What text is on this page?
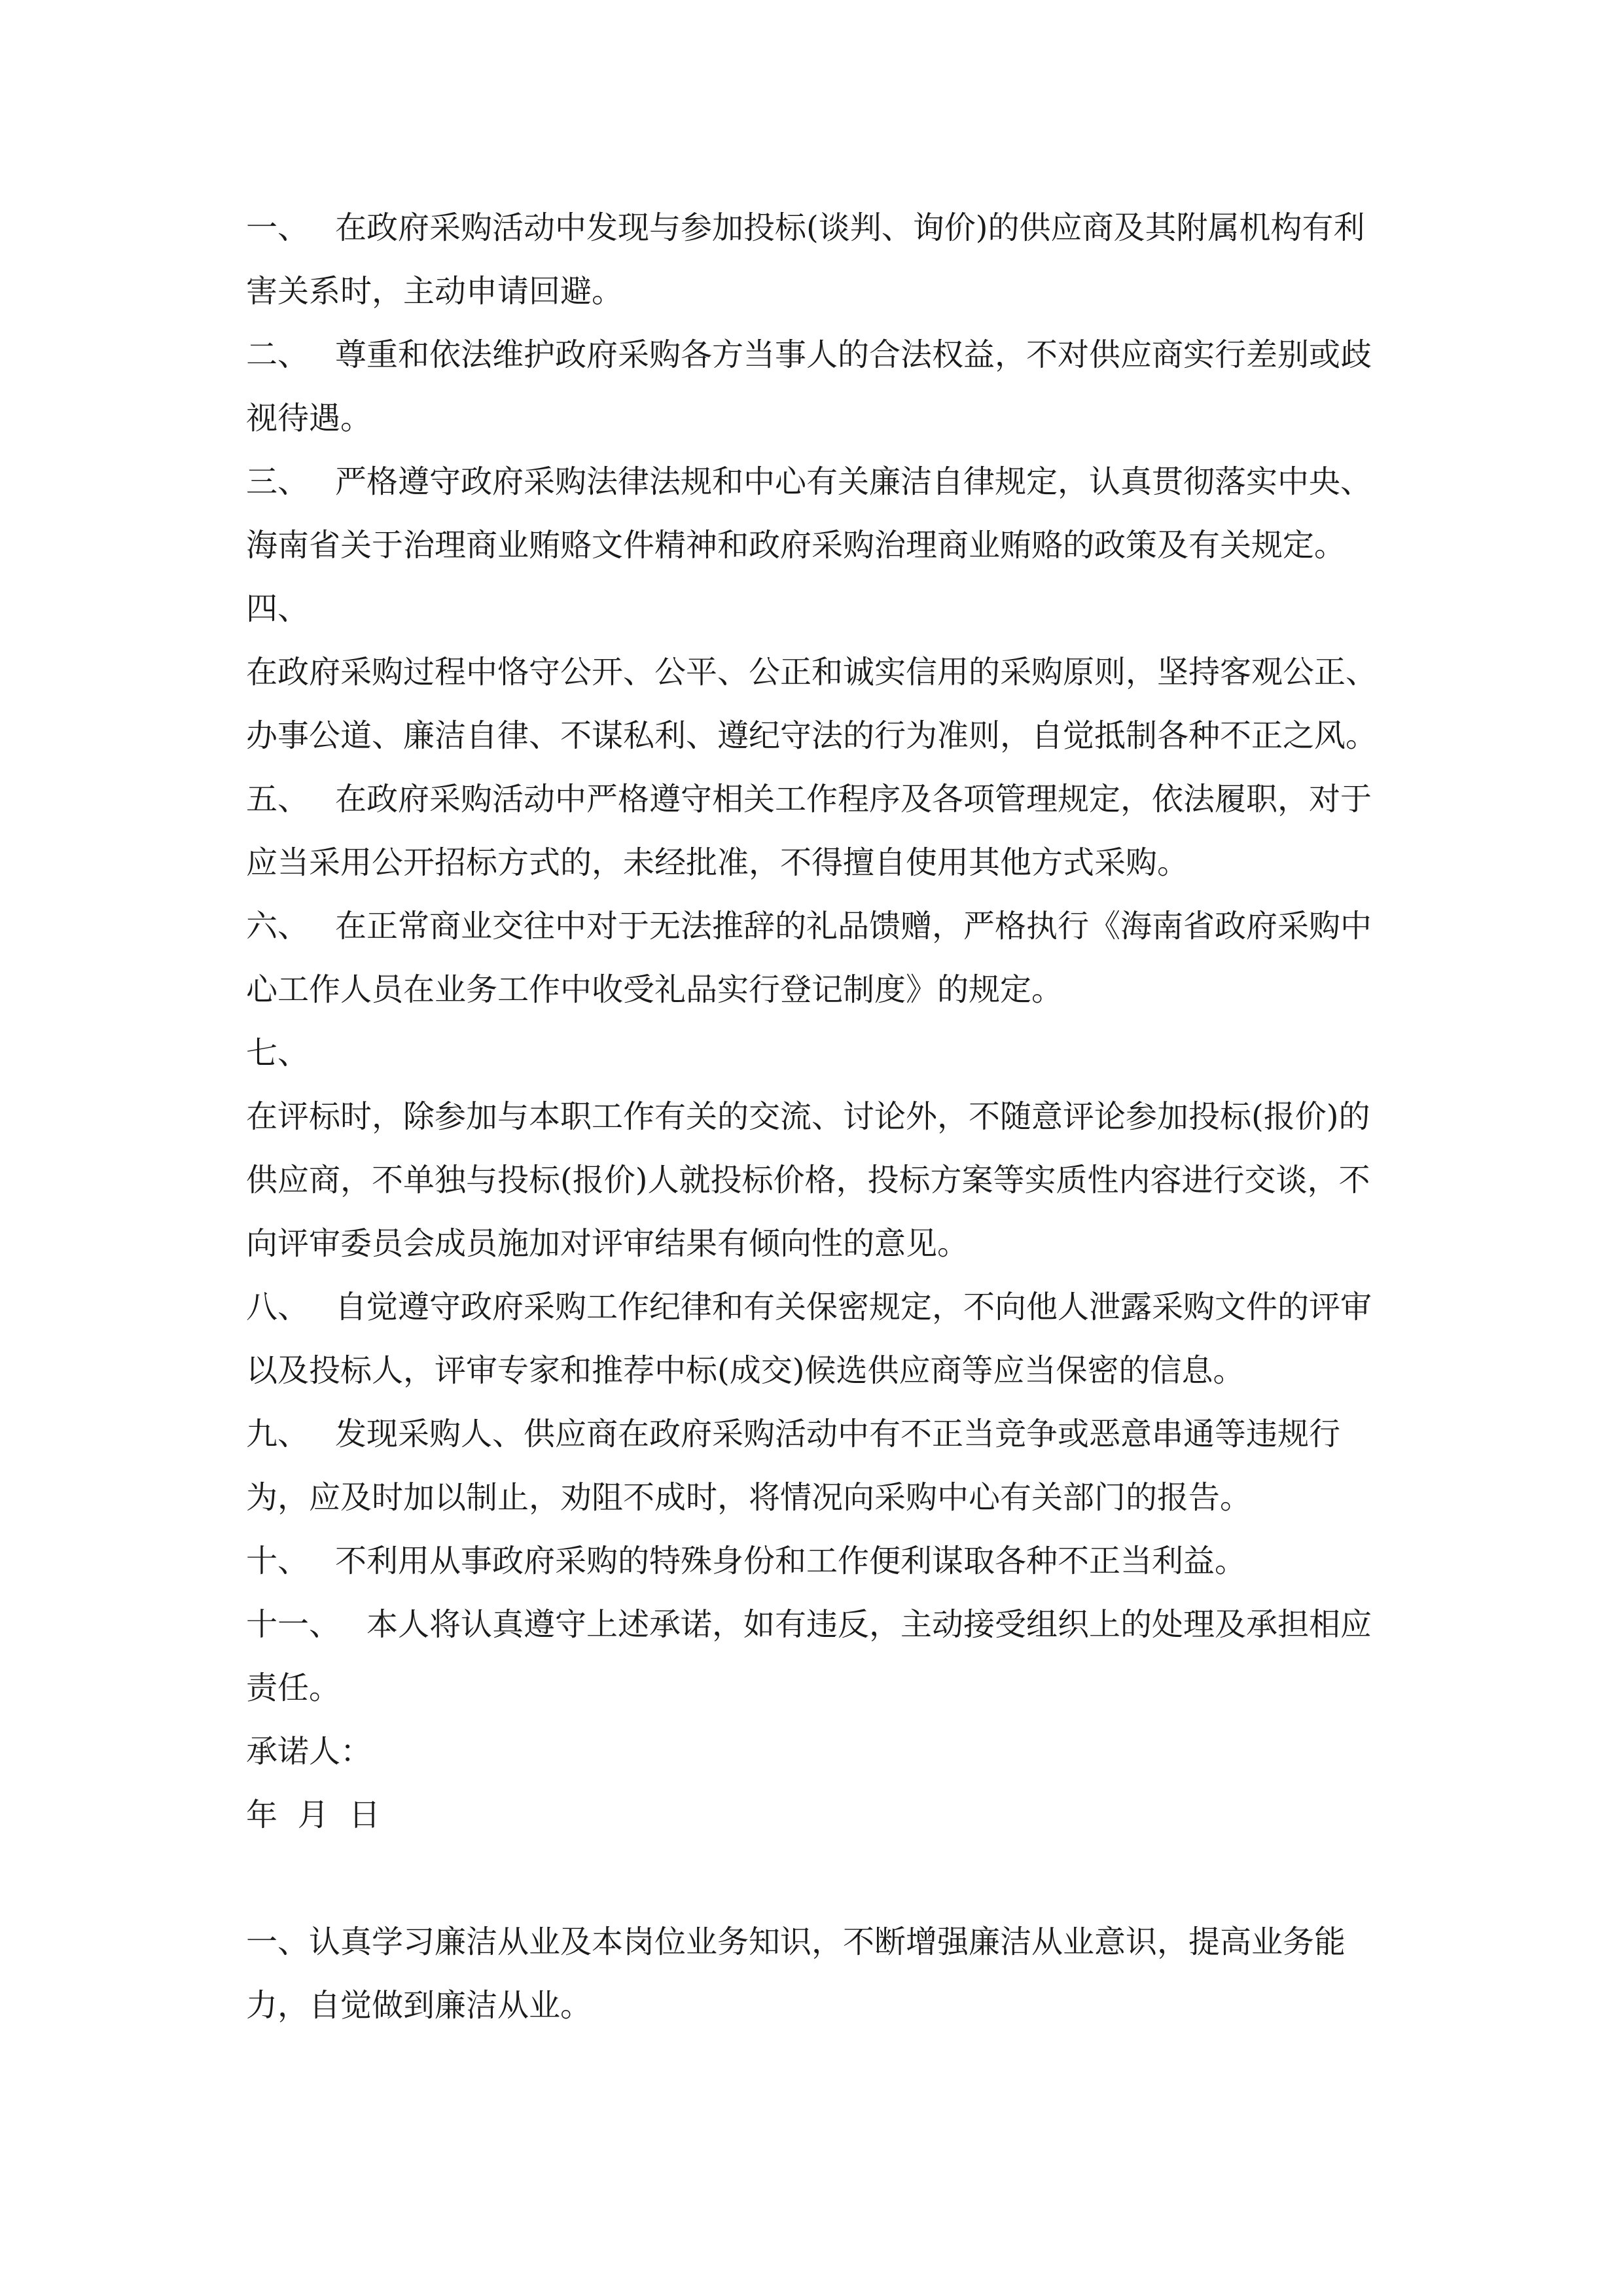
一、 在政府采购活动中发现与参加投标(谈判、询价)的供应商及其附属机构有利害关系时，主动申请回避。

二、 尊重和依法维护政府采购各方当事人的合法权益，不对供应商实行差别或歧视待遇。

三、 严格遵守政府采购法律法规和中心有关廉洁自律规定，认真贯彻落实中央、海南省关于治理商业贿赂文件精神和政府采购治理商业贿赂的政策及有关规定。

四、

在政府采购过程中恪守公开、公平、公正和诚实信用的采购原则，坚持客观公正、办事公道、廉洁自律、不谋私利、遵纪守法的行为准则，自觉抵制各种不正之风。

五、 在政府采购活动中严格遵守相关工作程序及各项管理规定，依法履职，对于应当采用公开招标方式的，未经批准，不得擅自使用其他方式采购。

六、 在正常商业交往中对于无法推辞的礼品馈赠，严格执行《海南省政府采购中心工作人员在业务工作中收受礼品实行登记制度》的规定。

七、

在评标时，除参加与本职工作有关的交流、讨论外，不随意评论参加投标(报价)的供应商，不单独与投标(报价)人就投标价格，投标方案等实质性内容进行交谈，不向评审委员会成员施加对评审结果有倾向性的意见。

八、 自觉遵守政府采购工作纪律和有关保密规定，不向他人泄露采购文件的评审以及投标人，评审专家和推荐中标(成交)候选供应商等应当保密的信息。

九、 发现采购人、供应商在政府采购活动中有不正当竞争或恶意串通等违规行为，应及时加以制止，劝阻不成时，将情况向采购中心有关部门的报告。

十、 不利用从事政府采购的特殊身份和工作便利谋取各种不正当利益。

十一、 本人将认真遵守上述承诺，如有违反，主动接受组织上的处理及承担相应责任。

承诺人：

年  月  日

一、认真学习廉洁从业及本岗位业务知识，不断增强廉洁从业意识，提高业务能力，自觉做到廉洁从业。
